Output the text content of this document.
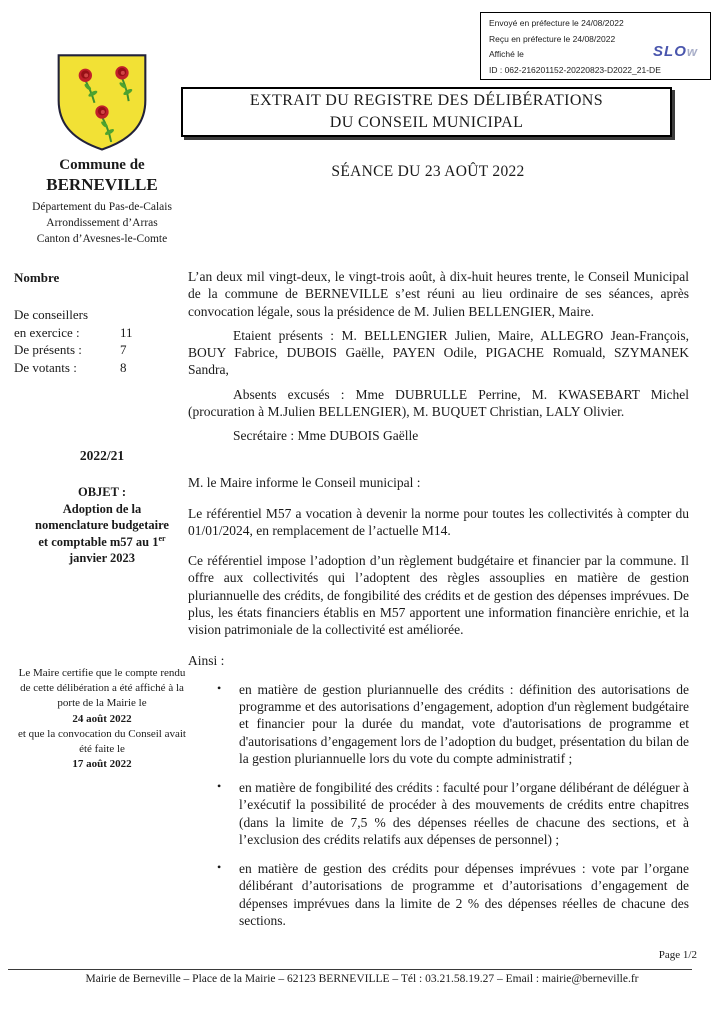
Envoyé en préfecture le 24/08/2022
Reçu en préfecture le 24/08/2022
Affiché le	SLOw
ID : 062-216201152-20220823-D2022_21-DE
EXTRAIT DU REGISTRE DES DÉLIBÉRATIONS
DU CONSEIL MUNICIPAL
Commune de
BERNEVILLE
Département du Pas-de-Calais
Arrondissement d’Arras
Canton d’Avesnes-le-Comte
SÉANCE DU 23 AOÛT 2022
Nombre
De conseillers
en exercice :	11
De présents :	7
De votants :	8
2022/21
OBJET :
Adoption de la
nomenclature budgetaire
et comptable m57 au 1er
janvier 2023
Le Maire certifie que le compte rendu de cette délibération a été affiché à la porte de la Mairie le
24 août 2022
et que la convocation du Conseil avait été faite le
17 août 2022

L’an deux mil vingt-deux, le vingt-trois août, à dix-huit heures trente, le Conseil Municipal de la commune de BERNEVILLE s’est réuni au lieu ordinaire de ses séances, après convocation légale, sous la présidence de M. Julien BELLENGIER, Maire.

Etaient présents : M. BELLENGIER Julien, Maire, ALLEGRO Jean-François, BOUY Fabrice, DUBOIS Gaëlle, PAYEN Odile, PIGACHE Romuald, SZYMANEK Sandra,

Absents excusés : Mme DUBRULLE Perrine, M. KWASEBART Michel (procuration à M.Julien BELLENGIER), M. BUQUET Christian, LALY Olivier.

Secrétaire : Mme DUBOIS Gaëlle

M. le Maire informe le Conseil municipal :

Le référentiel M57 a vocation à devenir la norme pour toutes les collectivités à compter du 01/01/2024, en remplacement de l’actuelle M14.

Ce référentiel impose l’adoption d’un règlement budgétaire et financier par la commune. Il offre aux collectivités qui l’adoptent des règles assouplies en matière de gestion pluriannuelle des crédits, de fongibilité des crédits et de gestion des dépenses imprévues. De plus, les états financiers établis en M57 apportent une information financière enrichie, et la vision patrimoniale de la collectivité est améliorée.

Ainsi :

• en matière de gestion pluriannuelle des crédits : définition des autorisations de programme et des autorisations d’engagement, adoption d'un règlement budgétaire et financier pour la durée du mandat, vote d'autorisations de programme et d'autorisations d’engagement lors de l’adoption du budget, présentation du bilan de la gestion pluriannuelle lors du vote du compte administratif ;
• en matière de fongibilité des crédits : faculté pour l’organe délibérant de déléguer à l’exécutif la possibilité de procéder à des mouvements de crédits entre chapitres (dans la limite de 7,5 % des dépenses réelles de chacune des sections, et à l’exclusion des crédits relatifs aux dépenses de personnel) ;
• en matière de gestion des crédits pour dépenses imprévues : vote par l’organe délibérant d’autorisations de programme et d’autorisations d’engagement de dépenses imprévues dans la limite de 2 % des dépenses réelles de chacune des sections.
Page 1/2
Mairie de Berneville – Place de la Mairie – 62123 BERNEVILLE – Tél : 03.21.58.19.27 – Email : mairie@berneville.fr
